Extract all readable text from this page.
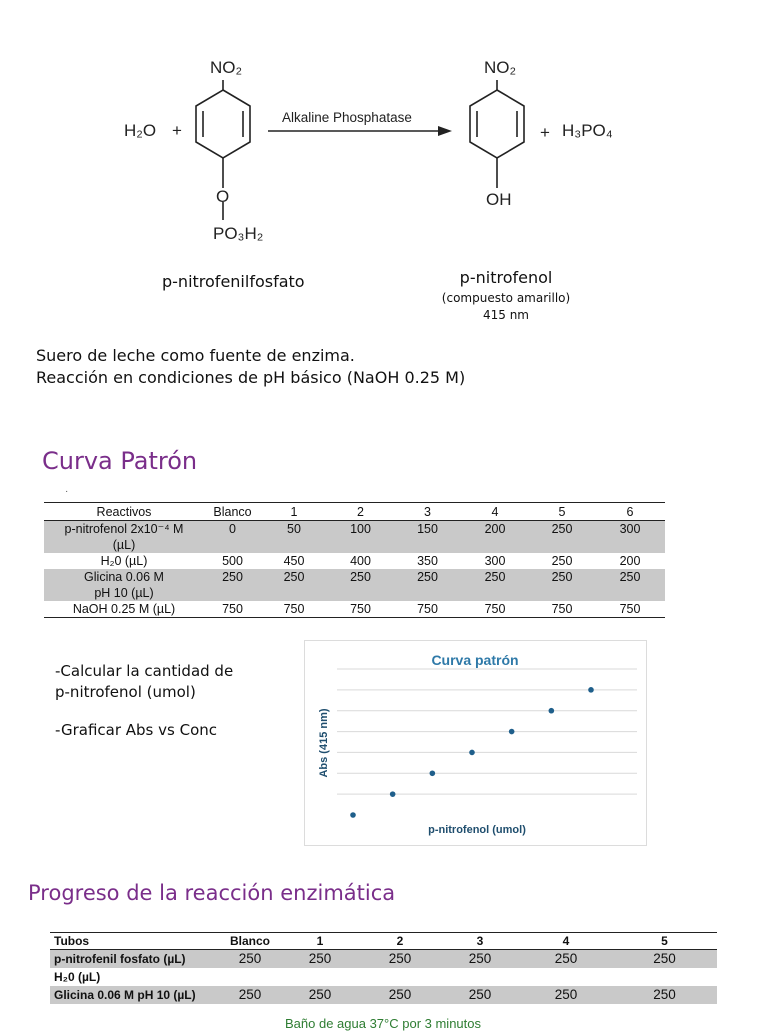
H₂O +
NO₂
O
PO₃H₂
Alkaline Phosphatase
NO₂
OH
+ H₃PO₄
p-nitrofenilfosfato	p-nitrofenol
(compuesto amarillo)
415 nm
Suero de leche como fuente de enzima.
Reacción en condiciones de pH básico (NaOH 0.25 M)
Curva Patrón
·
Reactivos	Blanco	1	2	3	4	5	6

p-nitrofenol 2x10⁻⁴ M
(µL)	0	50	100	150	200	250	300

H₂0 (µL)	500	450	400	350	300	250	200

Glicina 0.06 M
pH 10 (µL)	250	250	250	250	250	250	250

NaOH 0.25 M (µL)	750	750	750	750	750	750	750
-Calcular la cantidad de
p-nitrofenol (umol)
-Graficar Abs vs Conc
Curva patrón
Abs (415 nm)
p-nitrofenol (umol)
Progreso de la reacción enzimática
Tubos	Blanco	1	2	3	4	5
p-nitrofenil fosfato (µL)	250	250	250	250	250	250
H₂0 (µL)						
Glicina 0.06 M pH 10 (µL)	250	250	250	250	250	250
Baño de agua 37°C por 3 minutos
